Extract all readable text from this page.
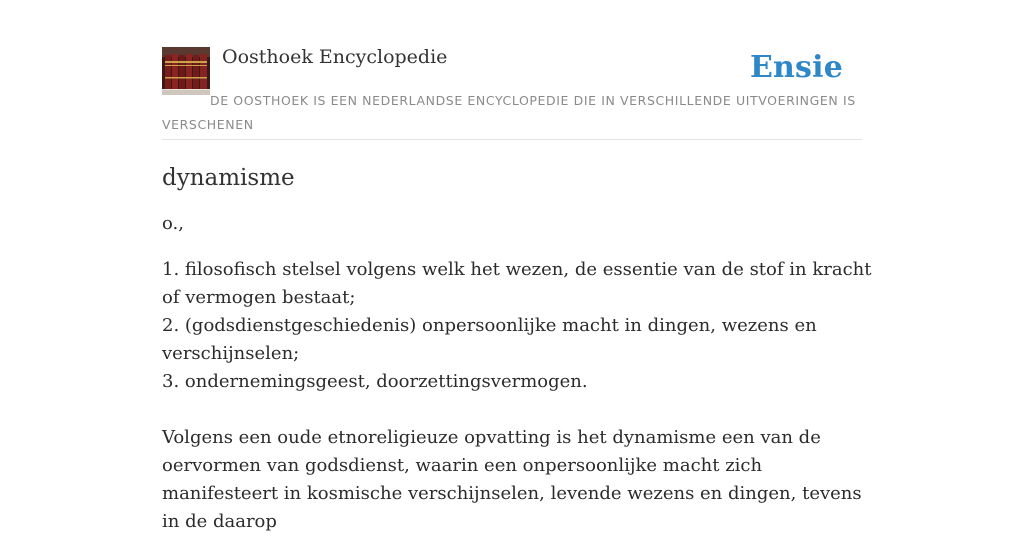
Oosthoek Encyclopedie	Ensie
DE OOSTHOEK IS EEN NEDERLANDSE ENCYCLOPEDIE DIE IN VERSCHILLENDE UITVOERINGEN IS VERSCHENEN
dynamisme

o.,

1. filosofisch stelsel volgens welk het wezen, de essentie van de stof in kracht of vermogen bestaat;
2. (godsdienstgeschiedenis) onpersoonlijke macht in dingen, wezens en verschijnselen;
3. ondernemingsgeest, doorzettingsvermogen.

Volgens een oude etnoreligieuze opvatting is het dynamisme een van de oervormen van godsdienst, waarin een onpersoonlijke macht zich manifesteert in kosmische verschijnselen, levende wezens en dingen, tevens in de daarop
